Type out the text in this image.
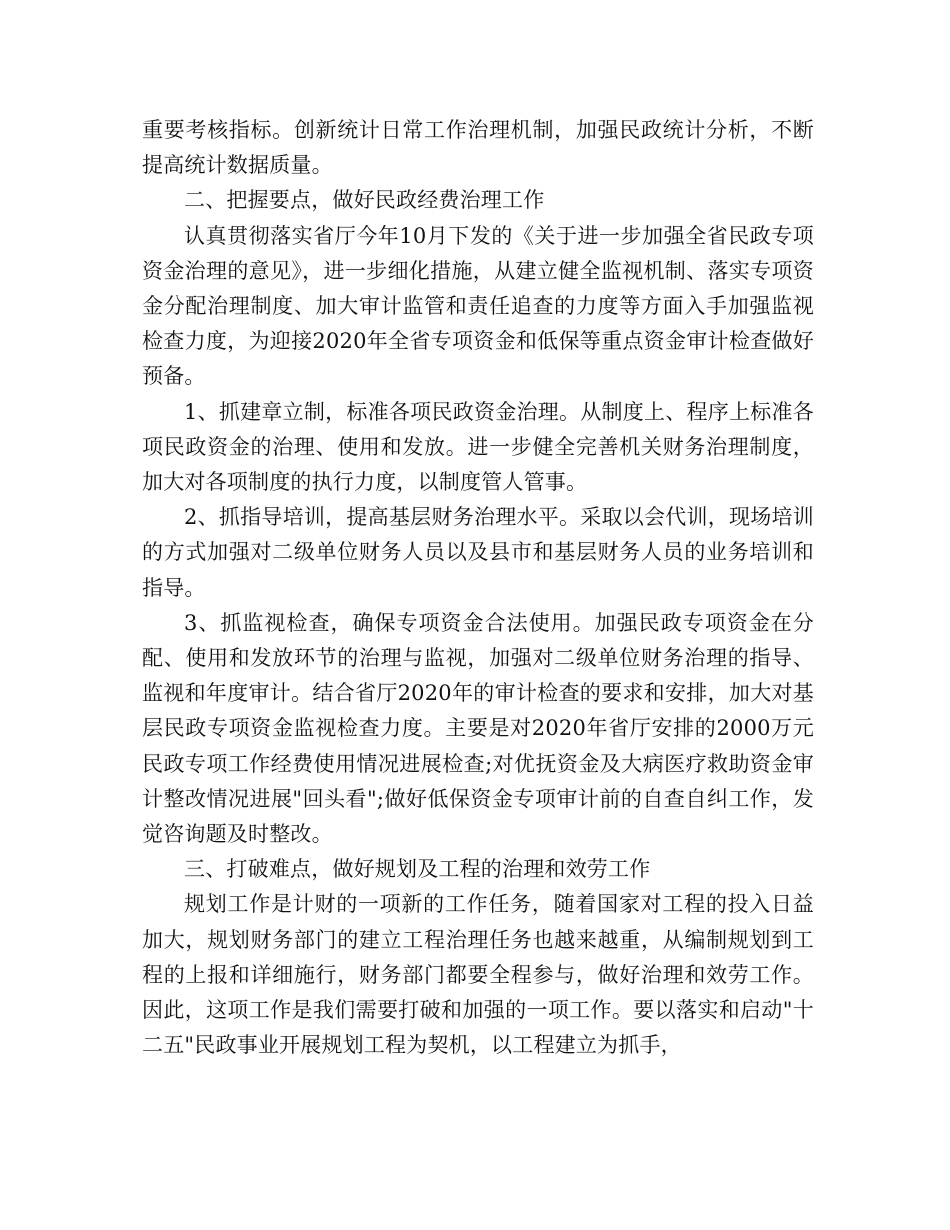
重要考核指标。创新统计日常工作治理机制，加强民政统计分析，不断提高统计数据质量。

二、把握要点，做好民政经费治理工作

认真贯彻落实省厅今年10月下发的《关于进一步加强全省民政专项资金治理的意见》，进一步细化措施，从建立健全监视机制、落实专项资金分配治理制度、加大审计监管和责任追查的力度等方面入手加强监视检查力度，为迎接2020年全省专项资金和低保等重点资金审计检查做好预备。

1、抓建章立制，标准各项民政资金治理。从制度上、程序上标准各项民政资金的治理、使用和发放。进一步健全完善机关财务治理制度，加大对各项制度的执行力度，以制度管人管事。

2、抓指导培训，提高基层财务治理水平。采取以会代训，现场培训的方式加强对二级单位财务人员以及县市和基层财务人员的业务培训和指导。

3、抓监视检查，确保专项资金合法使用。加强民政专项资金在分配、使用和发放环节的治理与监视，加强对二级单位财务治理的指导、监视和年度审计。结合省厅2020年的审计检查的要求和安排，加大对基层民政专项资金监视检查力度。主要是对2020年省厅安排的2000万元民政专项工作经费使用情况进展检查;对优抚资金及大病医疗救助资金审计整改情况进展"回头看";做好低保资金专项审计前的自查自纠工作，发觉咨询题及时整改。

三、打破难点，做好规划及工程的治理和效劳工作

规划工作是计财的一项新的工作任务，随着国家对工程的投入日益加大，规划财务部门的建立工程治理任务也越来越重，从编制规划到工程的上报和详细施行，财务部门都要全程参与，做好治理和效劳工作。因此，这项工作是我们需要打破和加强的一项工作。要以落实和启动"十二五"民政事业开展规划工程为契机，以工程建立为抓手，
